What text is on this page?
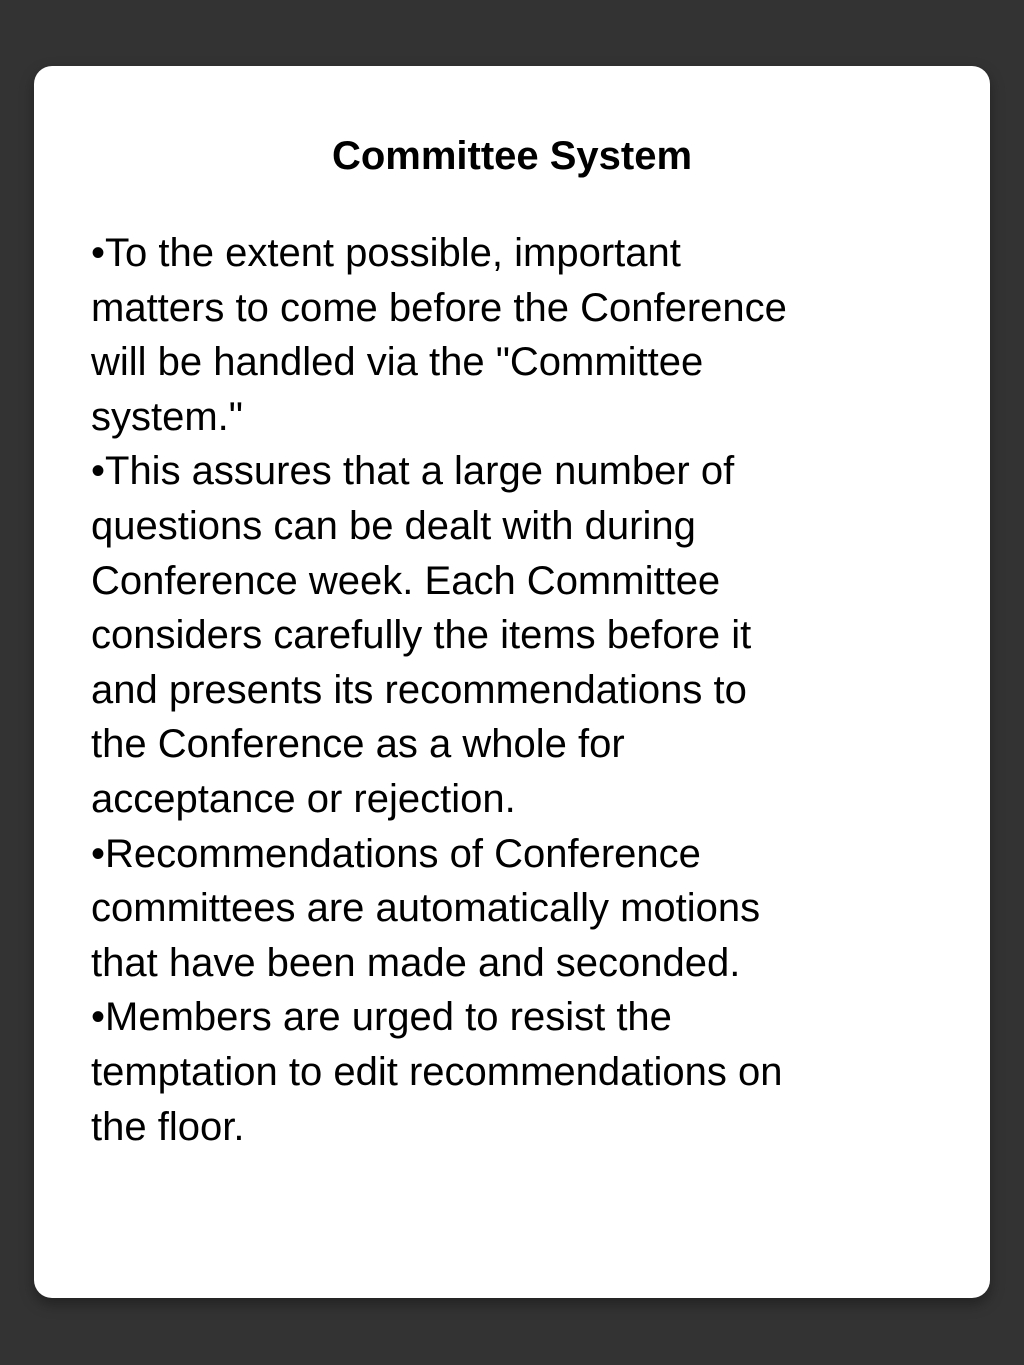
Committee System
•To the extent possible, important
matters to come before the Conference
will be handled via the "Committee
system."
•This assures that a large number of
questions can be dealt with during
Conference week. Each Committee
considers carefully the items before it
and presents its recommendations to
the Conference as a whole for
acceptance or rejection.
•Recommendations of Conference
committees are automatically motions
that have been made and seconded.
•Members are urged to resist the
temptation to edit recommendations on
the floor.
